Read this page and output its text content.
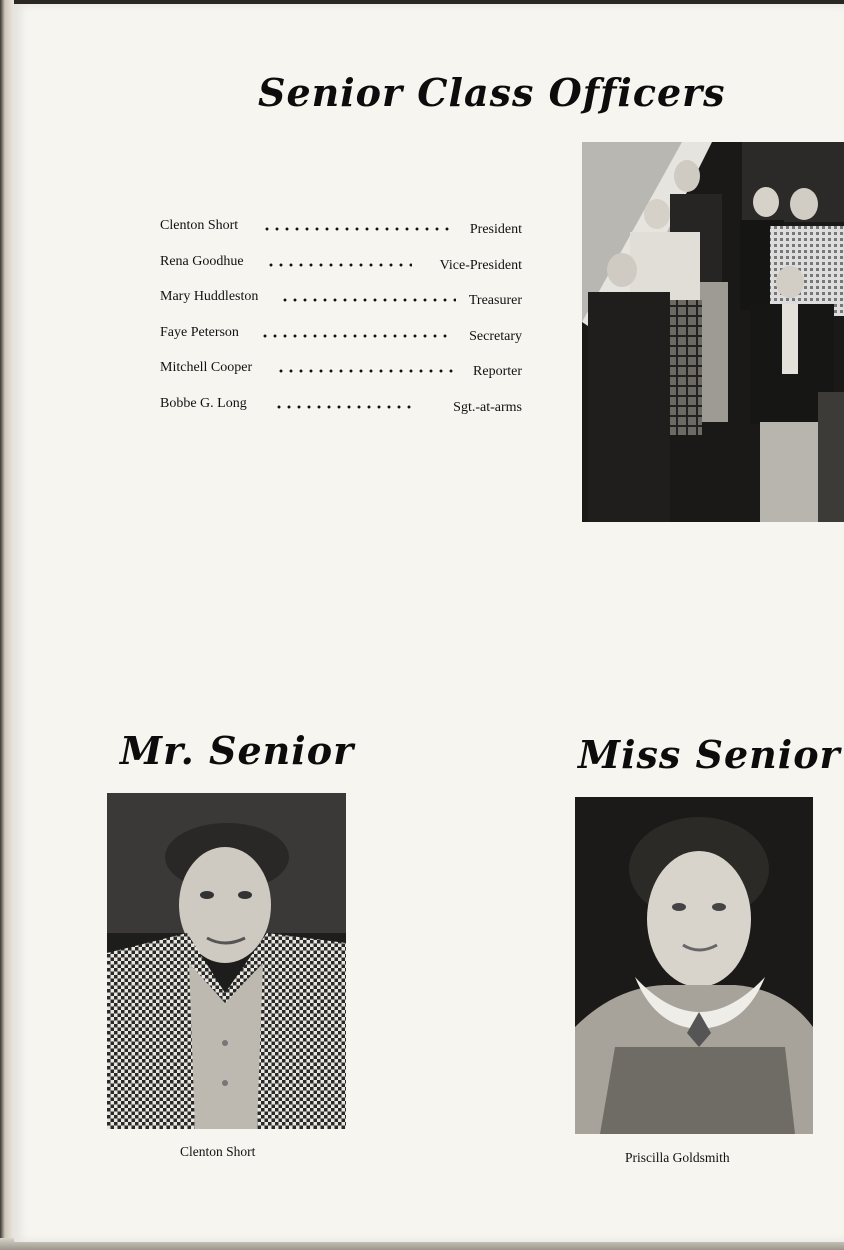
Senior Class Officers
Clenton Short	President
Rena Goodhue	Vice-President
Mary Huddleston	Treasurer
Faye Peterson	Secretary
Mitchell Cooper	Reporter
Bobbe G. Long	Sgt.-at-arms
Mr. Senior	Miss Senior

Clenton Short	Priscilla Goldsmith
